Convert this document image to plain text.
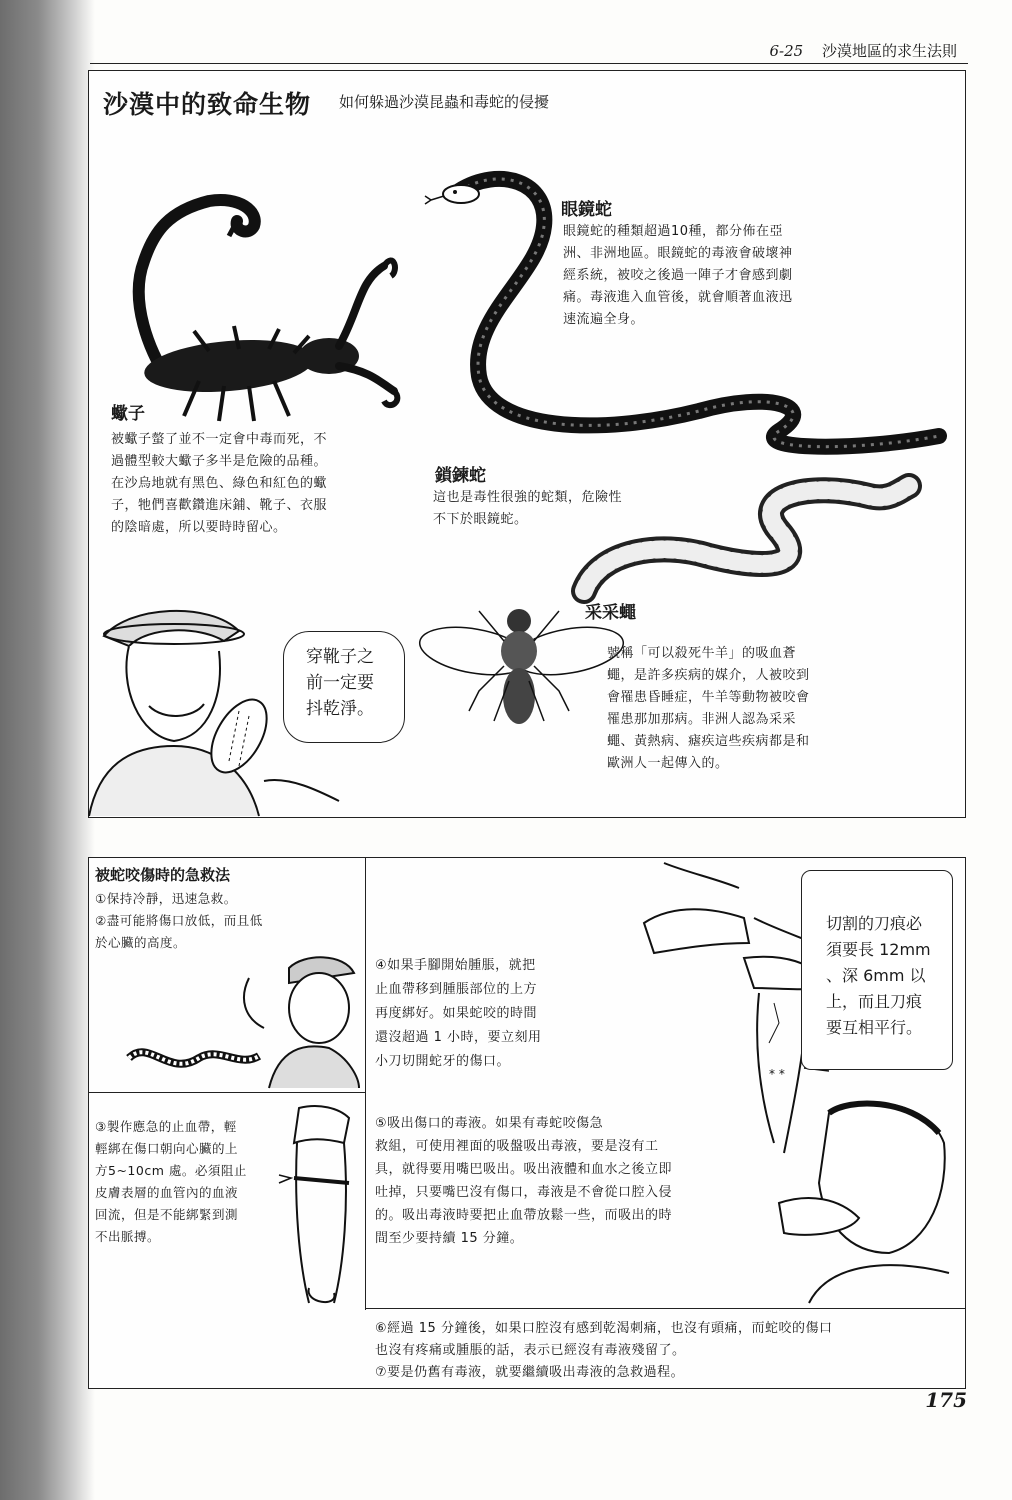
6-25 沙漠地區的求生法則
沙漠中的致命生物 如何躲過沙漠昆蟲和毒蛇的侵擾
眼鏡蛇
眼鏡蛇的種類超過10種，都分佈在亞
洲、非洲地區。眼鏡蛇的毒液會破壞神
經系統，被咬之後過一陣子才會感到劇
痛。毒液進入血管後，就會順著血液迅
速流遍全身。
蠍子
被蠍子螫了並不一定會中毒而死，不
過體型較大蠍子多半是危險的品種。
在沙烏地就有黑色、綠色和紅色的蠍
子，牠們喜歡鑽進床鋪、靴子、衣服
的陰暗處，所以要時時留心。
鎖鍊蛇
這也是毒性很強的蛇類，危險性
不下於眼鏡蛇。
采采蠅
號稱「可以殺死牛羊」的吸血蒼
蠅，是許多疾病的媒介，人被咬到
會罹患昏睡症，牛羊等動物被咬會
罹患那加那病。非洲人認為采采
蠅、黃熱病、瘧疾這些疾病都是和
歐洲人一起傳入的。
穿靴子之
前一定要
抖乾淨。
被蛇咬傷時的急救法
①保持冷靜，迅速急救。
②盡可能將傷口放低，而且低
於心臟的高度。
④如果手腳開始腫脹，就把
止血帶移到腫脹部位的上方
再度綁好。如果蛇咬的時間
還沒超過 1 小時，要立刻用
小刀切開蛇牙的傷口。
* *
切割的刀痕必
須要長 12mm
、深 6mm 以
上，而且刀痕
要互相平行。
③製作應急的止血帶，輕
輕綁在傷口朝向心臟的上
方5~10cm 處。必須阻止
皮膚表層的血管內的血液
回流，但是不能綁緊到測
不出脈搏。
⑤吸出傷口的毒液。如果有毒蛇咬傷急
救組，可使用裡面的吸盤吸出毒液，要是沒有工
具，就得要用嘴巴吸出。吸出液體和血水之後立即
吐掉，只要嘴巴沒有傷口，毒液是不會從口腔入侵
的。吸出毒液時要把止血帶放鬆一些，而吸出的時
間至少要持續 15 分鐘。
⑥經過 15 分鐘後，如果口腔沒有感到乾渴刺痛，也沒有頭痛，而蛇咬的傷口
也沒有疼痛或腫脹的話，表示已經沒有毒液殘留了。
⑦要是仍舊有毒液，就要繼續吸出毒液的急救過程。
175
